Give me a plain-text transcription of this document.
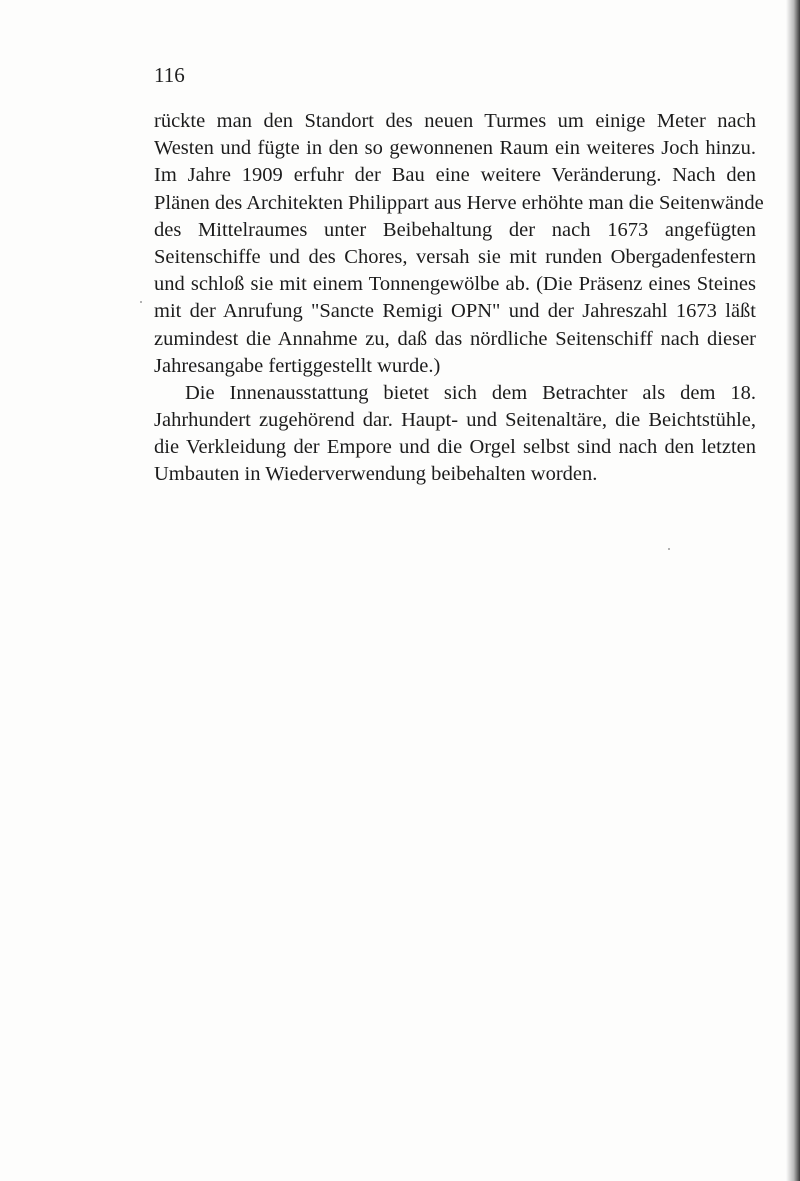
116

rückte man den Standort des neuen Turmes um einige Meter nach
Westen und fügte in den so gewonnenen Raum ein weiteres Joch hinzu.
Im Jahre 1909 erfuhr der Bau eine weitere Veränderung. Nach den
Plänen des Architekten Philippart aus Herve erhöhte man die Seitenwände
des Mittelraumes unter Beibehaltung der nach 1673 angefügten
Seitenschiffe und des Chores, versah sie mit runden Obergadenfestern
und schloß sie mit einem Tonnengewölbe ab. (Die Präsenz eines Steines
mit der Anrufung "Sancte Remigi OPN" und der Jahreszahl 1673 läßt
zumindest die Annahme zu, daß das nördliche Seitenschiff nach dieser
Jahresangabe fertiggestellt wurde.)
Die Innenausstattung bietet sich dem Betrachter als dem 18.
Jahrhundert zugehörend dar. Haupt- und Seitenaltäre, die Beichtstühle,
die Verkleidung der Empore und die Orgel selbst sind nach den letzten
Umbauten in Wiederverwendung beibehalten worden.
